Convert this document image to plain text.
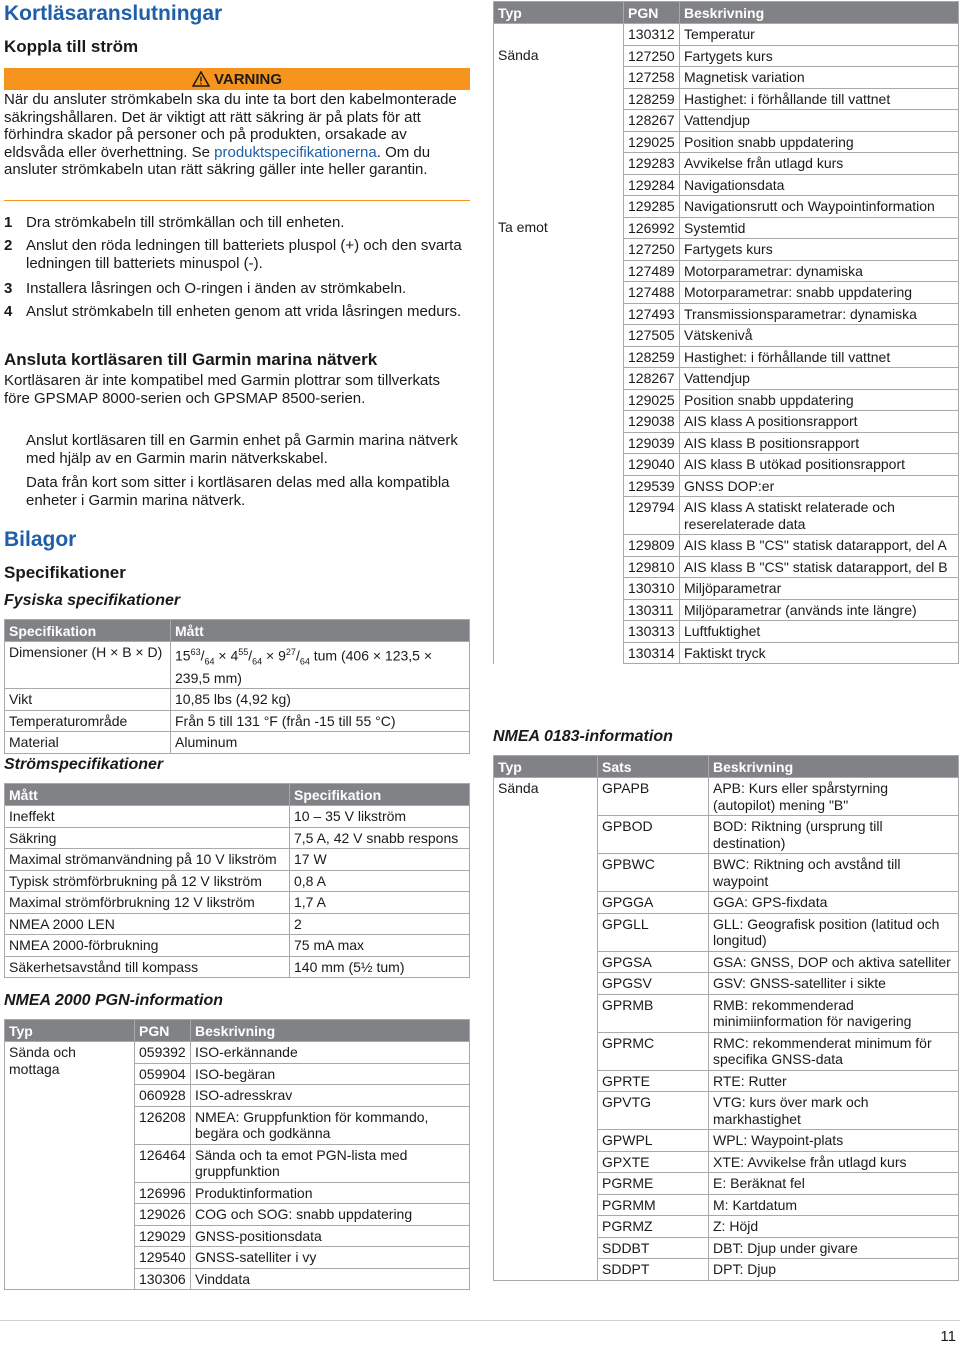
Kortläsaranslutningar
Koppla till ström
VARNING
När du ansluter strömkabeln ska du inte ta bort den kabelmonterade säkringshållaren. Det är viktigt att rätt säkring är på plats för att förhindra skador på personer och på produkten, orsakade av eldsvåda eller överhettning. Se produktspecifikationerna. Om du ansluter strömkabeln utan rätt säkring gäller inte heller garantin.
1 Dra strömkabeln till strömkällan och till enheten.
2 Anslut den röda ledningen till batteriets pluspol (+) och den svarta ledningen till batteriets minuspol (-).
3 Installera låsringen och O-ringen i änden av strömkabeln.
4 Anslut strömkabeln till enheten genom att vrida låsringen medurs.
Ansluta kortläsaren till Garmin marina nätverk
Kortläsaren är inte kompatibel med Garmin plottrar som tillverkats före GPSMAP 8000-serien och GPSMAP 8500-serien.
Anslut kortläsaren till en Garmin enhet på Garmin marina nätverk med hjälp av en Garmin marin nätverkskabel.
Data från kort som sitter i kortläsaren delas med alla kompatibla enheter i Garmin marina nätverk.
Bilagor
Specifikationer
Fysiska specifikationer
Specifikation	Mått
Dimensioner (H × B × D)	$15^{63}/_{64} \times 4^{55}/_{64} \times 9^{27}/_{64}$ tum (406 × 123,5 × 239,5 mm)
Vikt	10,85 lbs (4,92 kg)
Temperaturområde	Från 5 till 131 °F (från -15 till 55 °C)
Material	Aluminum
Strömspecifikationer
Mått	Specifikation
Ineffekt	10 – 35 V likström
Säkring	7,5 A, 42 V snabb respons
Maximal strömanvändning på 10 V likström	17 W
Typisk strömförbrukning på 12 V likström	0,8 A
Maximal strömförbrukning 12 V likström	1,7 A
NMEA 2000 LEN	2
NMEA 2000-förbrukning	75 mA max
Säkerhetsavstånd till kompass	140 mm (5½ tum)
NMEA 2000 PGN-information
Typ	PGN	Beskrivning
Sända och mottaga	059392	ISO-erkännande
	059904	ISO-begäran
	060928	ISO-adresskrav
	126208	NMEA: Gruppfunktion för kommando, begära och godkänna
	126464	Sända och ta emot PGN-lista med gruppfunktion
	126996	Produktinformation
	129026	COG och SOG: snabb uppdatering
	129029	GNSS-positionsdata
	129540	GNSS-satelliter i vy
	130306	Vinddata
Typ	PGN	Beskrivning
	130312	Temperatur
Sända	127250	Fartygets kurs
	127258	Magnetisk variation
	128259	Hastighet: i förhållande till vattnet
	128267	Vattendjup
	129025	Position snabb uppdatering
	129283	Avvikelse från utlagd kurs
	129284	Navigationsdata
	129285	Navigationsrutt och Waypointinformation
Ta emot	126992	Systemtid
	127250	Fartygets kurs
	127489	Motorparametrar: dynamiska
	127488	Motorparametrar: snabb uppdatering
	127493	Transmissionsparametrar: dynamiska
	127505	Vätskenivå
	128259	Hastighet: i förhållande till vattnet
	128267	Vattendjup
	129025	Position snabb uppdatering
	129038	AIS klass A positionsrapport
	129039	AIS klass B positionsrapport
	129040	AIS klass B utökad positionsrapport
	129539	GNSS DOP:er
	129794	AIS klass A statiskt relaterade och reserelaterade data
	129809	AIS klass B "CS" statisk datarapport, del A
	129810	AIS klass B "CS" statisk datarapport, del B
	130310	Miljöparametrar
	130311	Miljöparametrar (används inte längre)
	130313	Luftfuktighet
	130314	Faktiskt tryck
NMEA 0183-information
Typ	Sats	Beskrivning
Sända	GPAPB	APB: Kurs eller spårstyrning (autopilot) mening "B"
	GPBOD	BOD: Riktning (ursprung till destination)
	GPBWC	BWC: Riktning och avstånd till waypoint
	GPGGA	GGA: GPS-fixdata
	GPGLL	GLL: Geografisk position (latitud och longitud)
	GPGSA	GSA: GNSS, DOP och aktiva satelliter
	GPGSV	GSV: GNSS-satelliter i sikte
	GPRMB	RMB: rekommenderad minimiinformation för navigering
	GPRMC	RMC: rekommenderat minimum för specifika GNSS-data
	GPRTE	RTE: Rutter
	GPVTG	VTG: kurs över mark och markhastighet
	GPWPL	WPL: Waypoint-plats
	GPXTE	XTE: Avvikelse från utlagd kurs
	PGRME	E: Beräknat fel
	PGRMM	M: Kartdatum
	PGRMZ	Z: Höjd
	SDDBT	DBT: Djup under givare
	SDDPT	DPT: Djup
11
